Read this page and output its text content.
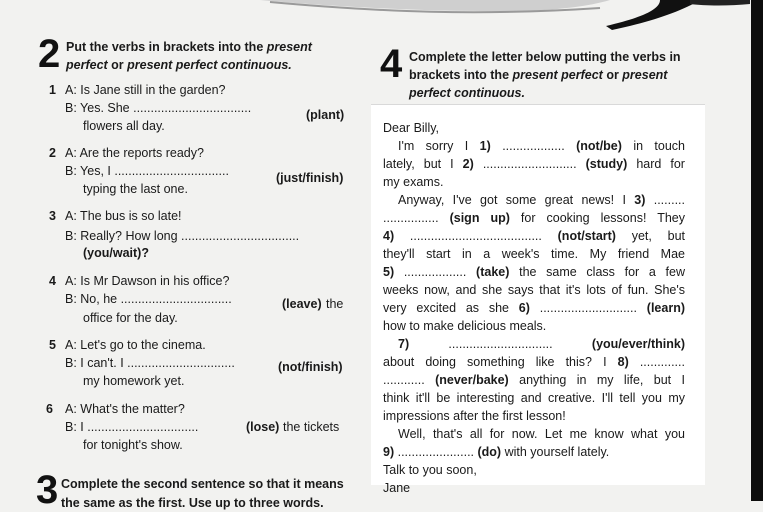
2 Put the verbs in brackets into the present
perfect or present perfect continuous.
1 A: Is Jane still in the garden?
B: Yes. She ..................................	(plant)
flowers all day.
2 A: Are the reports ready?
B: Yes, I .................................	(just/finish)
typing the last one.
3 A: The bus is so late!
B: Really? How long ..................................
(you/wait)?
4 A: Is Mr Dawson in his office?
B: No, he ................................	(leave) the
office for the day.
5 A: Let's go to the cinema.
B: I can't. I ...............................	(not/finish)
my homework yet.
6 A: What's the matter?
B: I ................................	(lose) the tickets
for tonight's show.
3 Complete the second sentence so that it means
the same as the first. Use up to three words.
4 Complete the letter below putting the verbs in
brackets into the present perfect or present
perfect continuous.
Dear Billy,
I'm sorry I 1) .................. (not/be) in touch
lately, but I 2) ........................... (study) hard for
my exams.
Anyway, I've got some great news! I 3) .........
................ (sign up) for cooking lessons! They
4) ...................................... (not/start) yet, but
they'll start in a week's time. My friend Mae
5) .................. (take) the same class for a few
weeks now, and she says that it's lots of fun. She's
very excited as she 6) ............................ (learn)
how to make delicious meals.
7)	..............................	(you/ever/think)
about doing something like this? I 8) .............
............ (never/bake) anything in my life, but I
think it'll be interesting and creative. I'll tell you my
impressions after the first lesson!
Well, that's all for now. Let me know what you
9) ...................... (do) with yourself lately.
Talk to you soon,
Jane
